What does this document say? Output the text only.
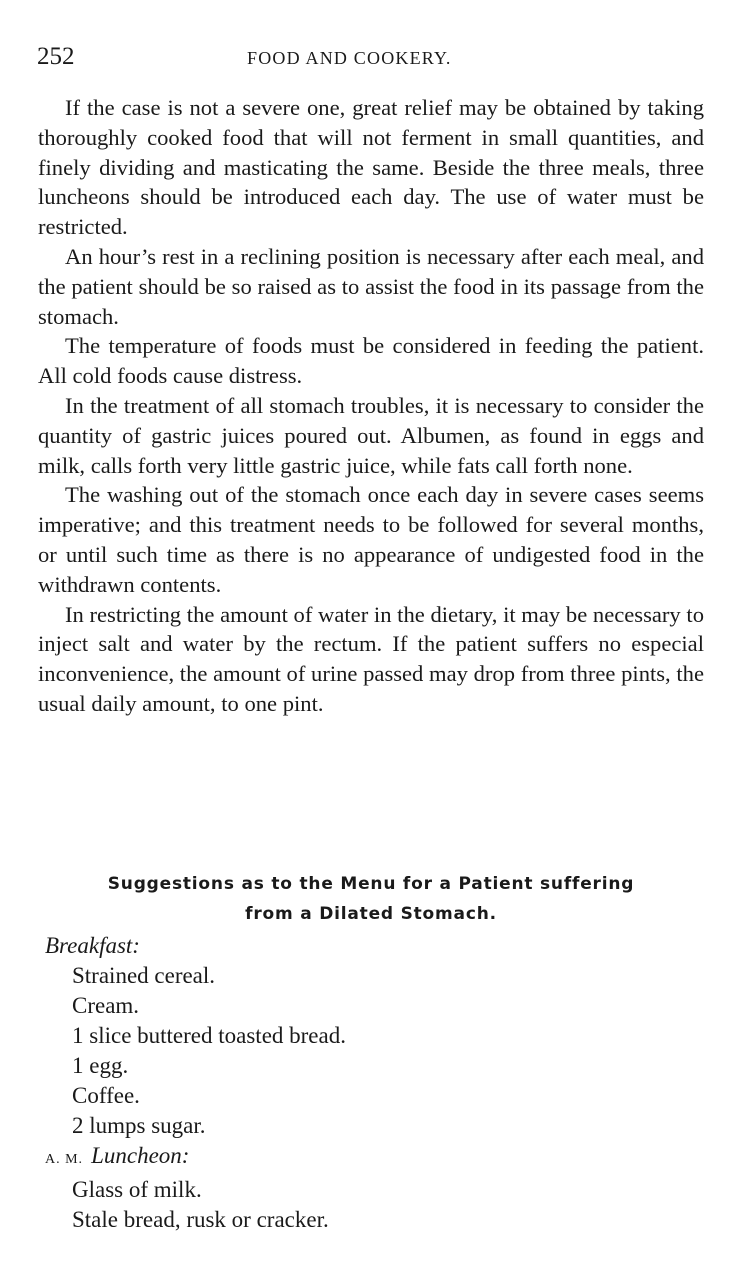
252	FOOD AND COOKERY.

If the case is not a severe one, great relief may be obtained by taking thoroughly cooked food that will not ferment in small quantities, and finely dividing and masticating the same. Beside the three meals, three luncheons should be introduced each day. The use of water must be restricted.

An hour’s rest in a reclining position is necessary after each meal, and the patient should be so raised as to assist the food in its passage from the stomach.

The temperature of foods must be considered in feeding the patient. All cold foods cause distress.

In the treatment of all stomach troubles, it is necessary to consider the quantity of gastric juices poured out. Albumen, as found in eggs and milk, calls forth very little gastric juice, while fats call forth none.

The washing out of the stomach once each day in severe cases seems imperative; and this treatment needs to be followed for several months, or until such time as there is no appearance of undigested food in the withdrawn contents.

In restricting the amount of water in the dietary, it may be necessary to inject salt and water by the rectum. If the patient suffers no especial inconvenience, the amount of urine passed may drop from three pints, the usual daily amount, to one pint.

Suggestions as to the Menu for a Patient suffering
from a Dilated Stomach.
Breakfast:
Strained cereal.
Cream.
1 slice buttered toasted bread.
1 egg.
Coffee.
2 lumps sugar.
A. M. Luncheon:
Glass of milk.
Stale bread, rusk or cracker.
